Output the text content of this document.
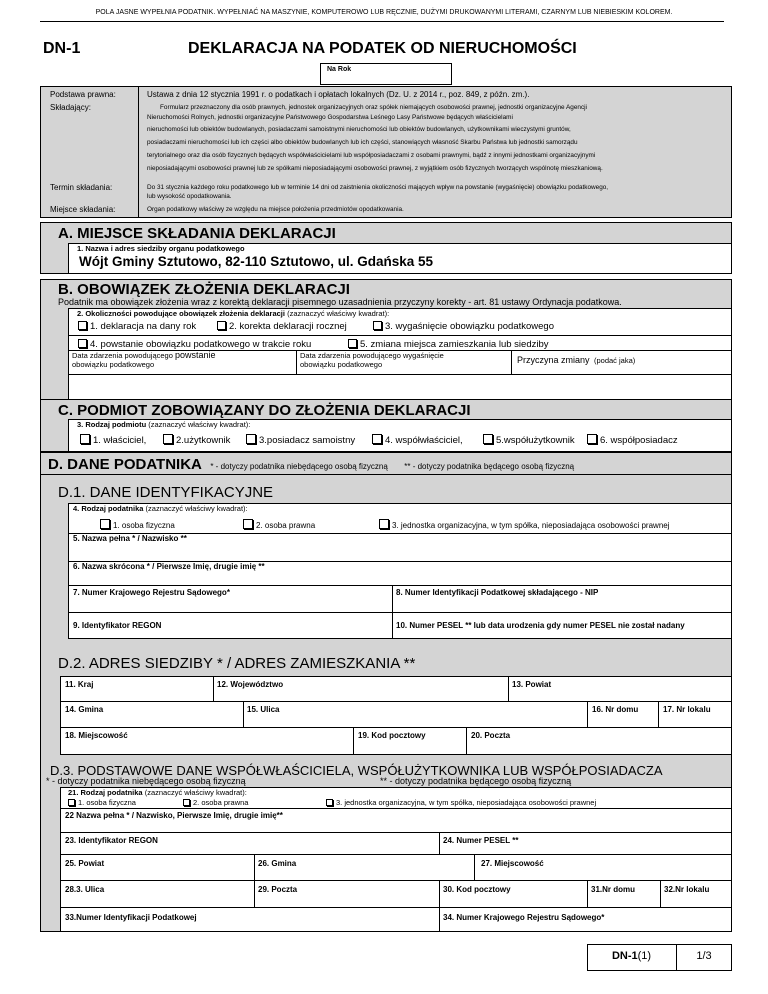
POLA JASNE WYPEŁNIA PODATNIK. WYPEŁNIAĆ NA MASZYNIE, KOMPUTEROWO LUB RĘCZNIE, DUŻYMI DRUKOWANYMI LITERAMI, CZARNYM LUB NIEBIESKIM KOLOREM.
DN-1	DEKLARACJA NA PODATEK OD NIERUCHOMOŚCI
Na Rok
Podstawa prawna:	Ustawa z dnia 12 stycznia 1991 r. o podatkach i opłatach lokalnych (Dz. U. z 2014 r., poz. 849, z późn. zm.).
Składający:	Formularz przeznaczony dla osób prawnych, jednostek organizacyjnych oraz spółek niemających osobowości prawnej, jednostki organizacyjne Agencji
Nieruchomości Rolnych, jednostki organizacyjne Państwowego Gospodarstwa Leśnego Lasy Państwowe będących właścicielami
nieruchomości lub obiektów budowlanych, posiadaczami samoistnymi nieruchomości lub obiektów budowlanych, użytkownikami wieczystymi gruntów,
posiadaczami nieruchomości lub ich części albo obiektów budowlanych lub ich części, stanowiących własność Skarbu Państwa lub jednostki samorządu
terytorialnego oraz dla osób fizycznych będących współwłaścicielami lub współposiadaczami z osobami prawnymi, bądź z innymi jednostkami organizacyjnymi
nieposiadającymi osobowości prawnej lub ze spółkami nieposiadającymi osobowości prawnej, z wyjątkiem osób fizycznych tworzących wspólnotę mieszkaniową.
Termin składania:	Do 31 stycznia każdego roku podatkowego lub w terminie 14 dni od zaistnienia okoliczności mających wpływ na powstanie (wygaśnięcie) obowiązku podatkowego,
lub wysokość opodatkowania.
Miejsce składania:	Organ podatkowy właściwy ze względu na miejsce położenia przedmiotów opodatkowania.
A. MIEJSCE SKŁADANIA DEKLARACJI
1. Nazwa i adres siedziby organu podatkowego
Wójt Gminy Sztutowo, 82-110 Sztutowo, ul. Gdańska 55
B. OBOWIĄZEK ZŁOŻENIA DEKLARACJI
Podatnik ma obowiązek złożenia wraz z korektą deklaracji pisemnego uzasadnienia przyczyny korekty - art. 81 ustawy Ordynacja podatkowa.
2. Okoliczności powodujące obowiązek złożenia deklaracji (zaznaczyć właściwy kwadrat):
1. deklaracja na dany rok	2. korekta deklaracji rocznej	3. wygaśnięcie obowiązku podatkowego
4. powstanie obowiązku podatkowego w trakcie roku	5. zmiana miejsca zamieszkania lub siedziby
Data zdarzenia powodującego powstanie
obowiązku podatkowego
Data zdarzenia powodującego wygaśnięcie
obowiązku podatkowego	Przyczyna zmiany (podać jaka)
C. PODMIOT ZOBOWIĄZANY DO ZŁOŻENIA DEKLARACJI
3. Rodzaj podmiotu (zaznaczyć właściwy kwadrat):
1. właściciel,	2.użytkownik	3.posiadacz samoistny	4. współwłaściciel,	5.współużytkownik	6. współposiadacz
D. DANE PODATNIKA * - dotyczy podatnika niebędącego osobą fizyczną ** - dotyczy podatnika będącego osobą fizyczną
D.1. DANE IDENTYFIKACYJNE
4. Rodzaj podatnika (zaznaczyć właściwy kwadrat):
1. osoba fizyczna	2. osoba prawna	3. jednostka organizacyjna, w tym spółka, nieposiadająca osobowości prawnej
5. Nazwa pełna * / Nazwisko **
6. Nazwa skrócona * / Pierwsze Imię, drugie imię **
7. Numer Krajowego Rejestru Sądowego*	8. Numer Identyfikacji Podatkowej składającego - NIP
9. Identyfikator REGON	10. Numer PESEL ** lub data urodzenia gdy numer PESEL nie został nadany
D.2. ADRES SIEDZIBY * / ADRES ZAMIESZKANIA **
11. Kraj	12. Województwo	13. Powiat
14. Gmina	15. Ulica	16. Nr domu	17. Nr lokalu
18. Miejscowość	19. Kod pocztowy	20. Poczta
D.3. PODSTAWOWE DANE WSPÓŁWŁAŚCICIELA, WSPÓŁUŻYTKOWNIKA LUB WSPÓŁPOSIADACZA
* - dotyczy podatnika niebędącego osobą fizyczną	** - dotyczy podatnika będącego osobą fizyczną
21. Rodzaj podatnika (zaznaczyć właściwy kwadrat):
1. osoba fizyczna	2. osoba prawna	3. jednostka organizacyjna, w tym spółka, nieposiadająca osobowości prawnej
22 Nazwa pełna * / Nazwisko, Pierwsze Imię, drugie imię**
23. Identyfikator REGON	24. Numer PESEL **
25. Powiat	26. Gmina	27. Miejscowość
28.3. Ulica	29. Poczta	30. Kod pocztowy	31.Nr domu	32.Nr lokalu
33.Numer Identyfikacji Podatkowej	34. Numer Krajowego Rejestru Sądowego*
DN-1(1)	1/3
